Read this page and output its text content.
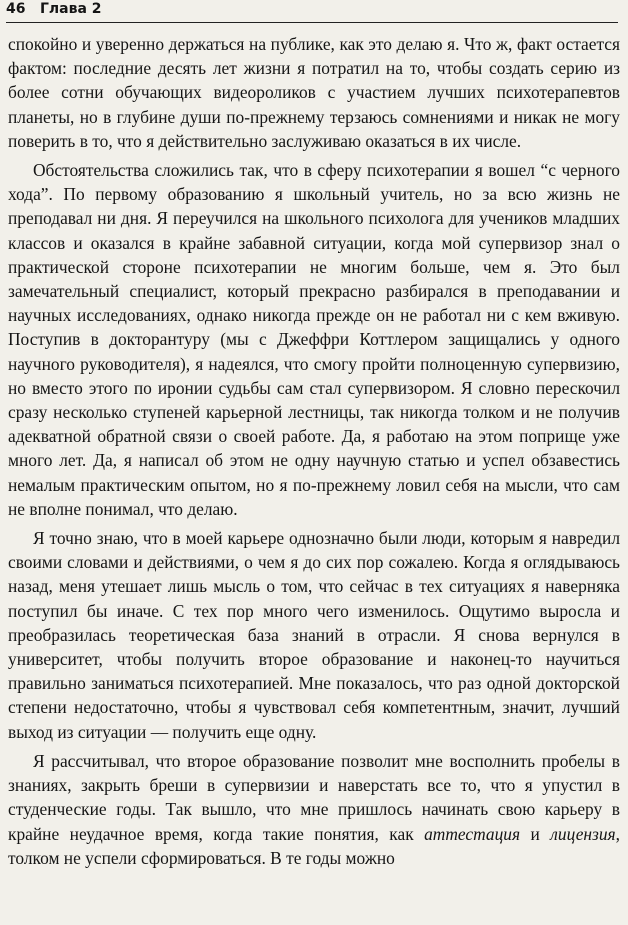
46 Глава 2

спокойно и уверенно держаться на публике, как это делаю я. Что ж, факт остается фактом: последние десять лет жизни я потратил на то, чтобы создать серию из более сотни обучающих видеороликов с участием лучших психотерапевтов планеты, но в глубине души по-прежнему терзаюсь сомнениями и никак не могу поверить в то, что я действительно заслуживаю оказаться в их числе.

Обстоятельства сложились так, что в сферу психотерапии я вошел “с черного хода”. По первому образованию я школьный учитель, но за всю жизнь не преподавал ни дня. Я переучился на школьного психолога для учеников младших классов и оказался в крайне забавной ситуации, когда мой супервизор знал о практической стороне психотерапии не многим больше, чем я. Это был замечательный специалист, который прекрасно разбирался в преподавании и научных исследованиях, однако никогда прежде он не работал ни с кем вживую. Поступив в докторантуру (мы с Джеффри Коттлером защищались у одного научного руководителя), я надеялся, что смогу пройти полноценную супервизию, но вместо этого по иронии судьбы сам стал супервизором. Я словно перескочил сразу несколько ступеней карьерной лестницы, так никогда толком и не получив адекватной обратной связи о своей работе. Да, я работаю на этом поприще уже много лет. Да, я написал об этом не одну научную статью и успел обзавестись немалым практическим опытом, но я по-прежнему ловил себя на мысли, что сам не вполне понимал, что делаю.

Я точно знаю, что в моей карьере однозначно были люди, которым я навредил своими словами и действиями, о чем я до сих пор сожалею. Когда я оглядываюсь назад, меня утешает лишь мысль о том, что сейчас в тех ситуациях я наверняка поступил бы иначе. С тех пор много чего изменилось. Ощутимо выросла и преобразилась теоретическая база знаний в отрасли. Я снова вернулся в университет, чтобы получить второе образование и наконец-то научиться правильно заниматься психотерапией. Мне показалось, что раз одной докторской степени недостаточно, чтобы я чувствовал себя компетентным, значит, лучший выход из ситуации — получить еще одну.

Я рассчитывал, что второе образование позволит мне восполнить пробелы в знаниях, закрыть бреши в супервизии и наверстать все то, что я упустил в студенческие годы. Так вышло, что мне пришлось начинать свою карьеру в крайне неудачное время, когда такие понятия, как аттестация и лицензия, толком не успели сформироваться. В те годы можно
